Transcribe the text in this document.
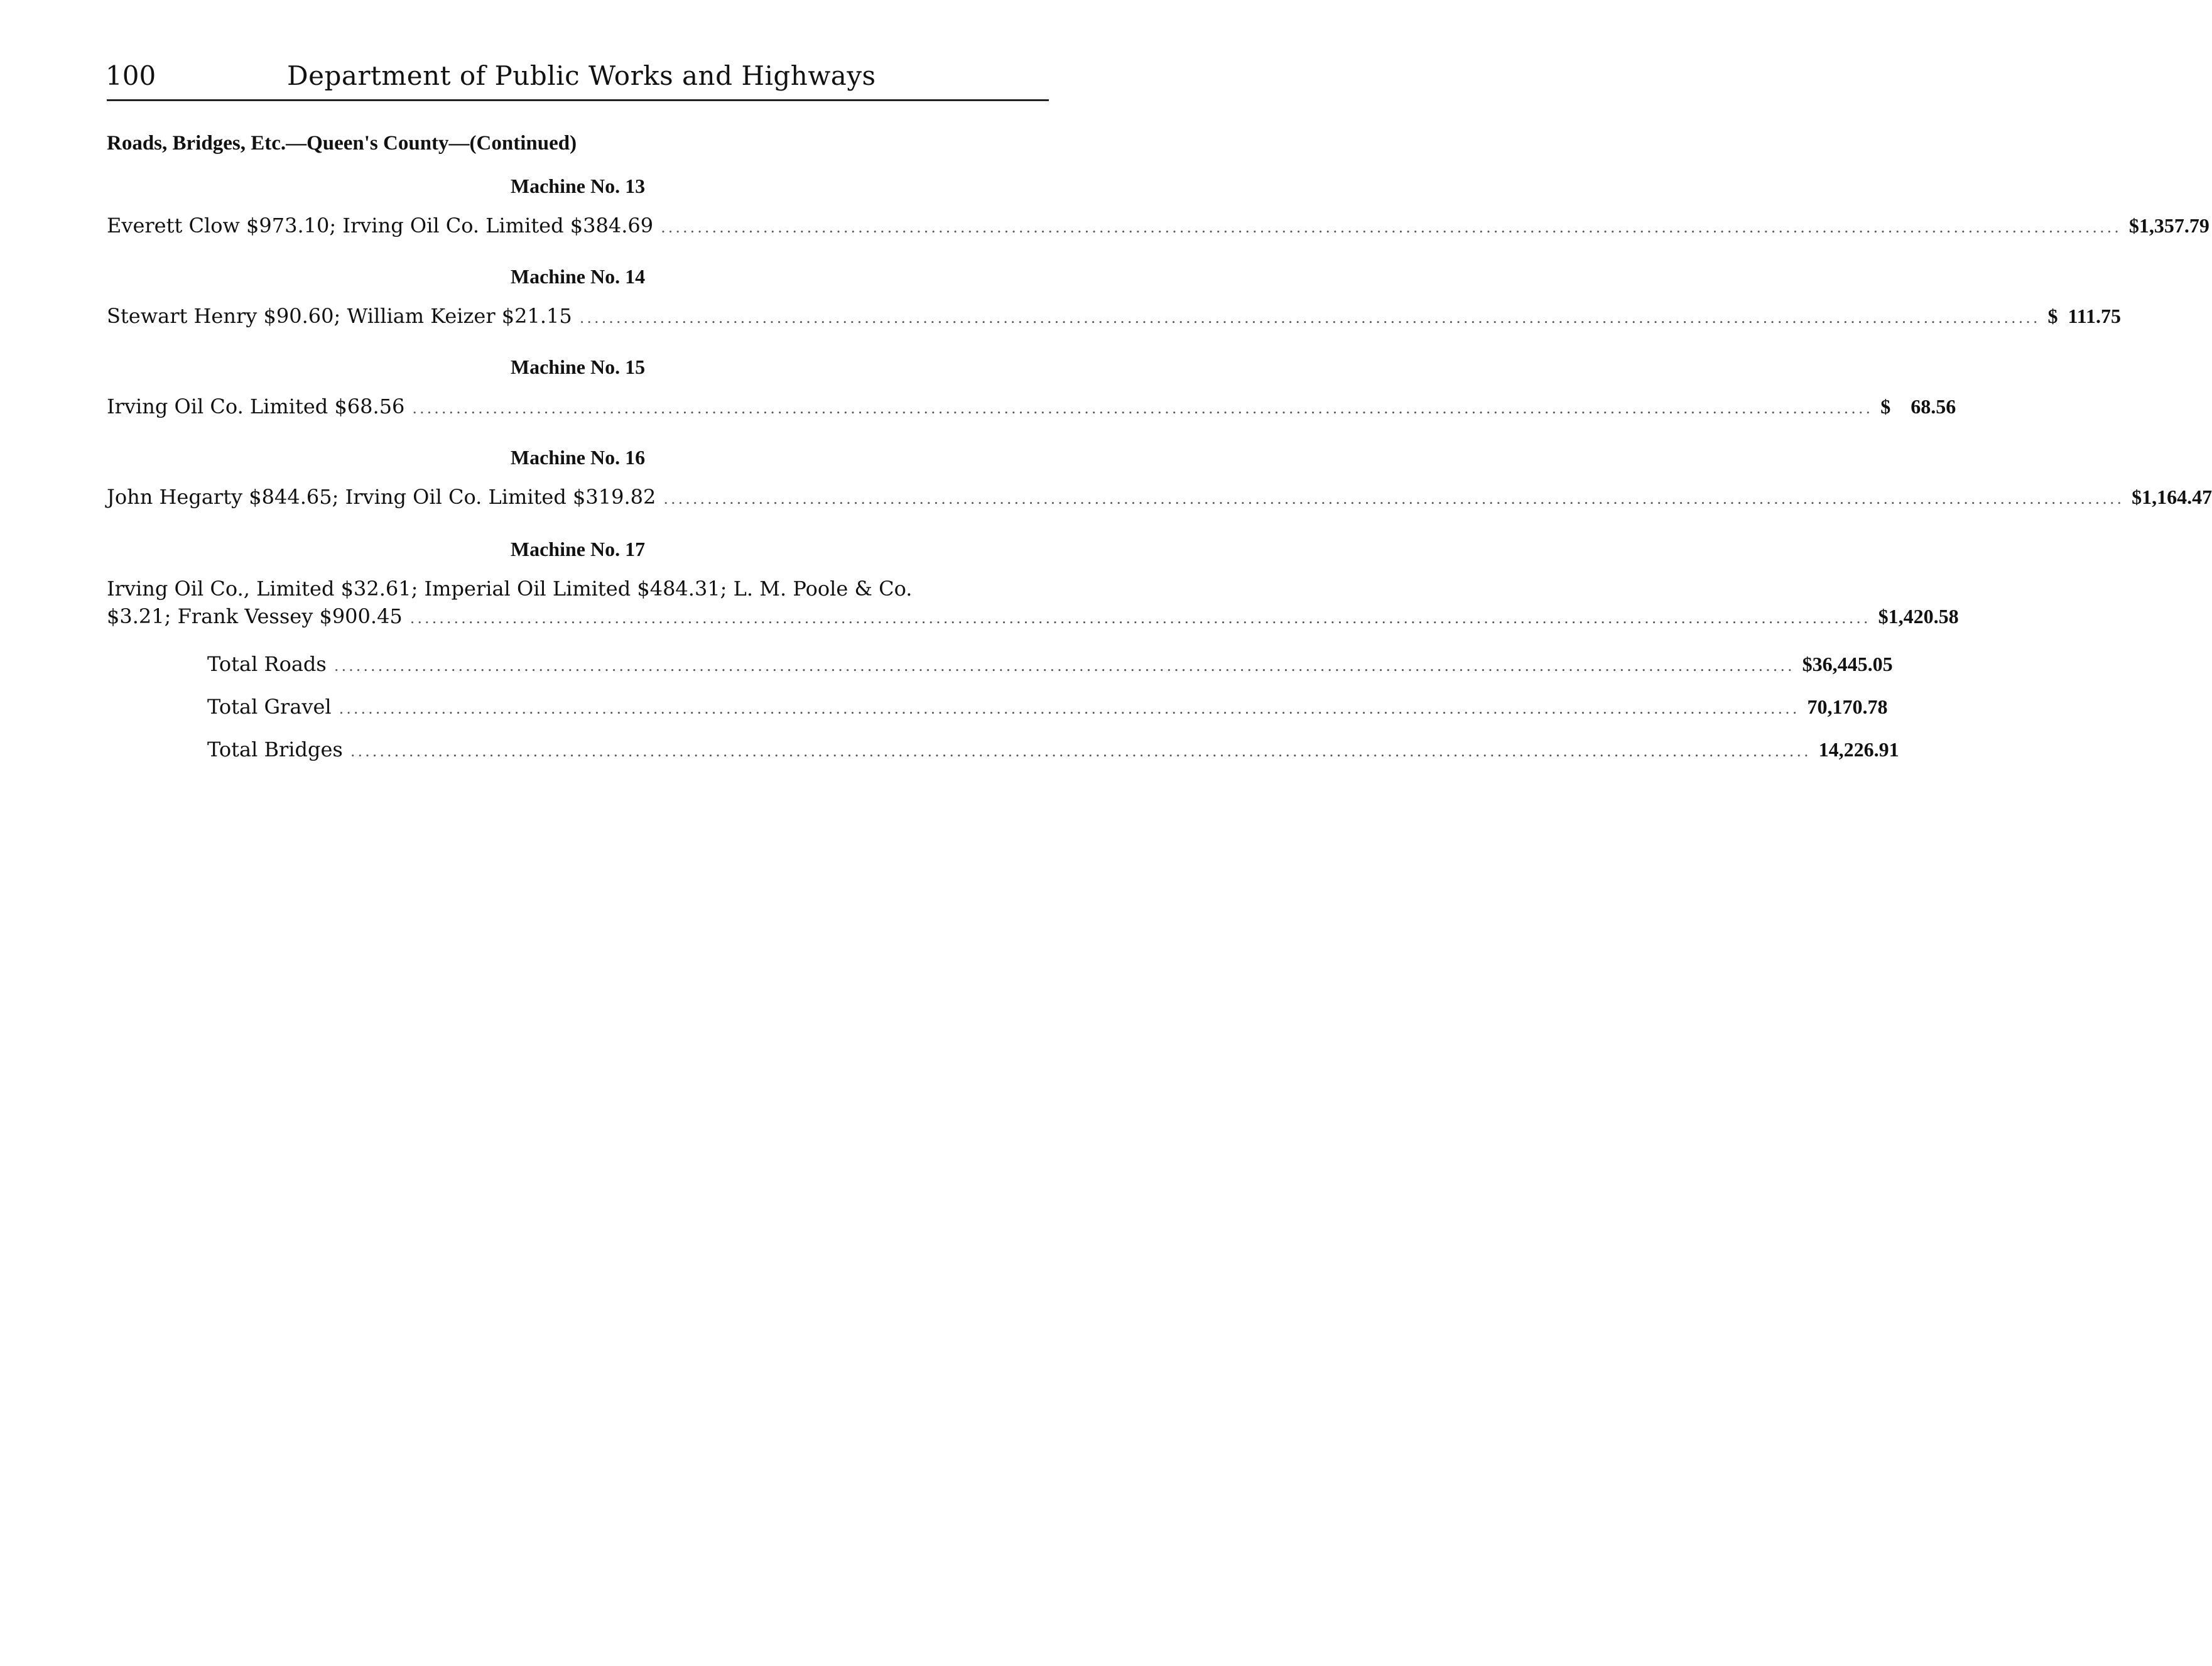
100	Department of Public Works and Highways
Roads, Bridges, Etc.—Queen's County—(Continued)
Machine No. 13
Everett Clow $973.10; Irving Oil Co. Limited $384.69 ........................................................................................................................................................................................................ $1,357.79
Machine No. 14
Stewart Henry $90.60; William Keizer $21.15 ........................................................................................................................................................................................................ $  111.75
Machine No. 15
Irving Oil Co. Limited $68.56 ........................................................................................................................................................................................................ $    68.56
Machine No. 16
John Hegarty $844.65; Irving Oil Co. Limited $319.82 ........................................................................................................................................................................................................ $1,164.47
Machine No. 17
Irving Oil Co., Limited $32.61; Imperial Oil Limited $484.31; L. M. Poole & Co.
$3.21; Frank Vessey $900.45 ........................................................................................................................................................................................................ $1,420.58
Total Roads ........................................................................................................................................................................................................ $36,445.05
Total Gravel ........................................................................................................................................................................................................ 70,170.78
Total Bridges ........................................................................................................................................................................................................ 14,226.91
